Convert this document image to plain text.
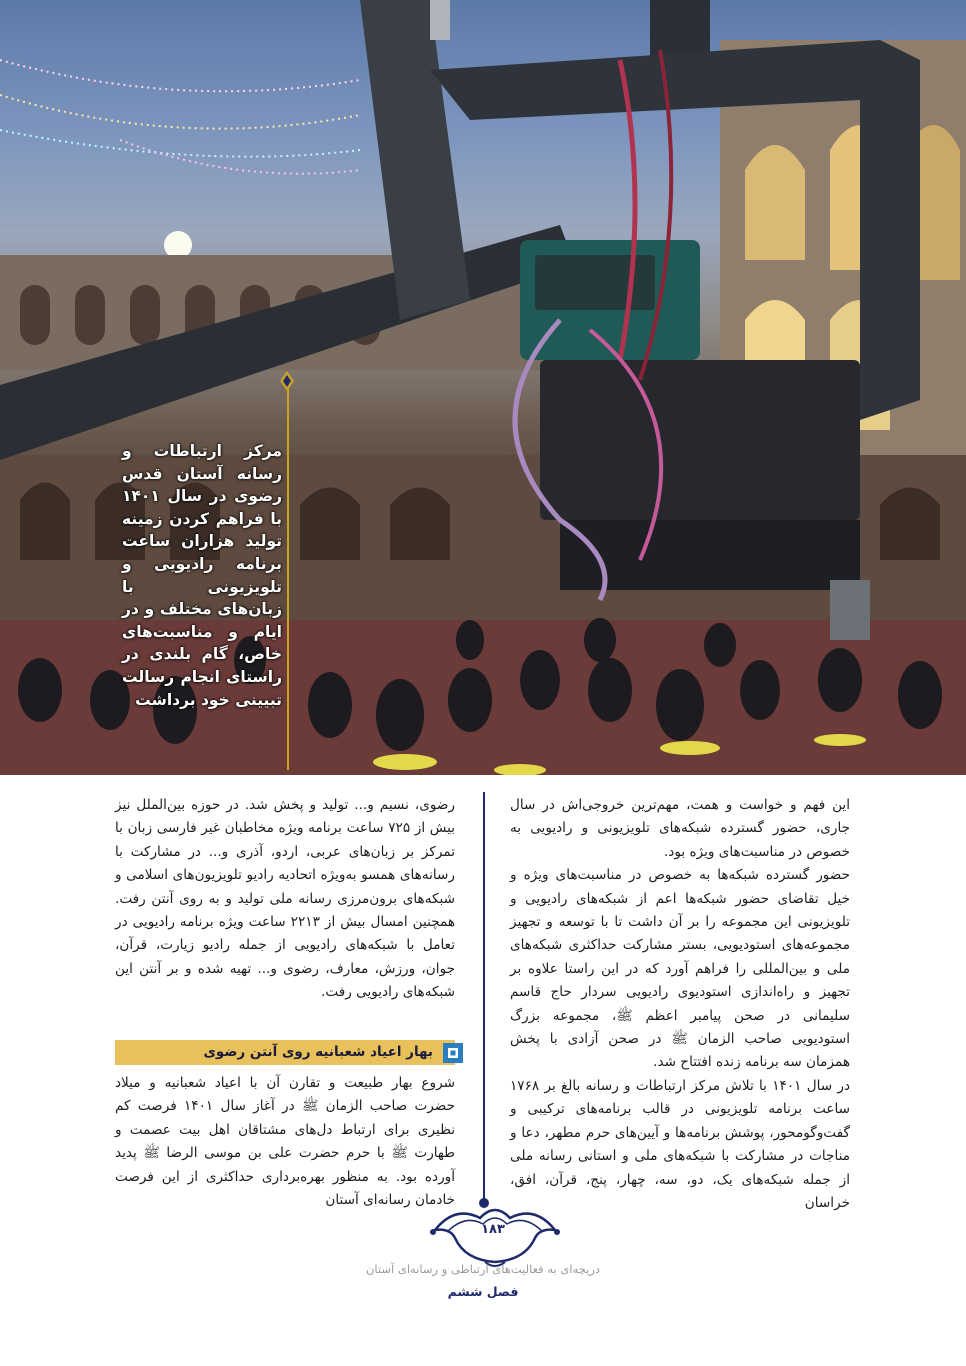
مرکز ارتباطات و رسانه آستان قدس رضوی در سال ۱۴۰۱ با فراهم کردن زمینه تولید هزاران ساعت برنامه رادیویی و تلویزیونی با زبان‌های مختلف و در ایام و مناسبت‌های خاص، گام بلندی در راستای انجام رسالت تبیینی خود برداشت

این فهم و خواست و همت، مهم‌ترین خروجی‌اش در سال جاری، حضور گسترده شبکه‌های تلویزیونی و رادیویی به خصوص در مناسبت‌های ویژه بود.

حضور گسترده شبکه‌ها به خصوص در مناسبت‌های ویژه و خیل تقاضای حضور شبکه‌ها اعم از شبکه‌های رادیویی و تلویزیونی این مجموعه را بر آن داشت تا با توسعه و تجهیز مجموعه‌های استودیویی، بستر مشارکت حداکثری شبکه‌های ملی و بین‌المللی را فراهم آورد که در این راستا علاوه بر تجهیز و راه‌اندازی استودیوی رادیویی سردار حاج قاسم سلیمانی در صحن پیامبر اعظم ﷺ، مجموعه بزرگ استودیویی صاحب الزمان ﷺ در صحن آزادی با پخش همزمان سه برنامه زنده افتتاح شد.

در سال ۱۴۰۱ با تلاش مرکز ارتباطات و رسانه بالغ بر ۱۷۶۸ ساعت برنامه تلویزیونی در قالب برنامه‌های ترکیبی و گفت‌وگومحور، پوشش برنامه‌ها و آیین‌های حرم مطهر، دعا و مناجات در مشارکت با شبکه‌های ملی و استانی رسانه ملی از جمله شبکه‌های یک، دو، سه، چهار، پنج، قرآن، افق، خراسان

رضوی، نسیم و... تولید و پخش شد. در حوزه بین‌الملل نیز بیش از ۷۲۵ ساعت برنامه ویژه مخاطبان غیر فارسی زبان با تمرکز بر زبان‌های عربی، اردو، آذری و... در مشارکت با رسانه‌های همسو به‌ویژه اتحادیه رادیو تلویزیون‌های اسلامی و شبکه‌های برون‌مرزی رسانه ملی تولید و به روی آنتن رفت. همچنین امسال بیش از ۲۲۱۳ ساعت ویژه برنامه رادیویی در تعامل با شبکه‌های رادیویی از جمله رادیو زیارت، قرآن، جوان، ورزش، معارف، رضوی و... تهیه شده و بر آنتن این شبکه‌های رادیویی رفت.

بهار اعیاد شعبانیه روی آنتن رضوی

شروع بهار طبیعت و تقارن آن با اعیاد شعبانیه و میلاد حضرت صاحب الزمان ﷺ در آغاز سال ۱۴۰۱ فرصت کم نظیری برای ارتباط دل‌های مشتاقان اهل بیت عصمت و طهارت ﷺ با حرم حضرت علی بن موسی الرضا ﷺ پدید آورده بود. به منظور بهره‌برداری حداکثری از این فرصت خادمان رسانه‌ای آستان

۱۸۳
دریچه‌ای به فعالیت‌های ارتباطی و رسانه‌ای آستان
فصل ششم
